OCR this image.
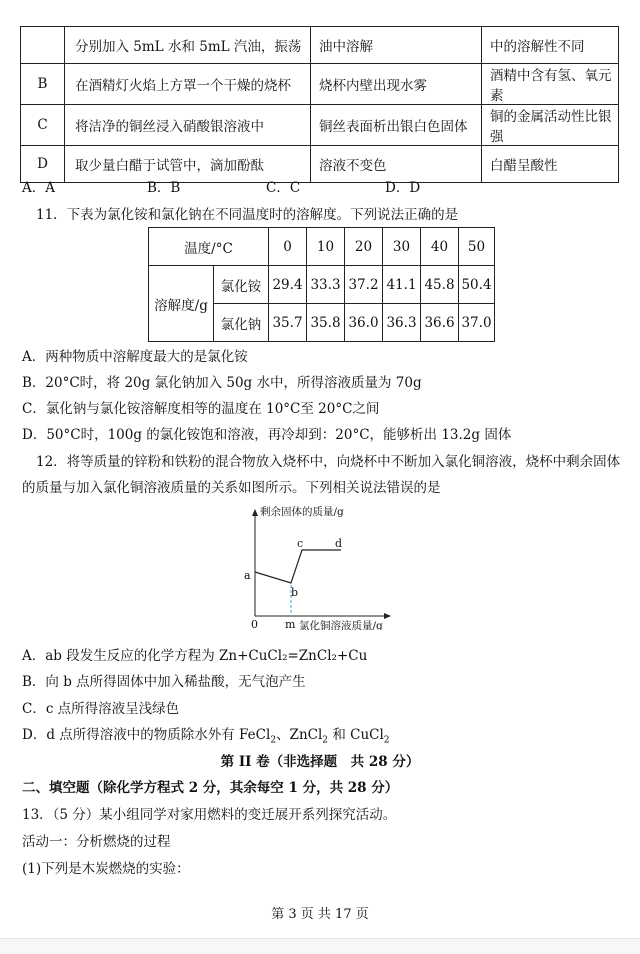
	分别加入 5mL 水和 5mL 汽油，振荡	油中溶解	中的溶解性不同
B	在酒精灯火焰上方罩一个干燥的烧杯	烧杯内壁出现水雾	酒精中含有氢、氧元素
C	将洁净的铜丝浸入硝酸银溶液中	铜丝表面析出银白色固体	铜的金属活动性比银强
D	取少量白醋于试管中，滴加酚酞	溶液不变色	白醋呈酸性
A．A	B．B	C．C	D．D
11．下表为氯化铵和氯化钠在不同温度时的溶解度。下列说法正确的是
温度/°C		0	10	20	30	40	50
溶解度/g	氯化铵	29.4	33.3	37.2	41.1	45.8	50.4
	氯化钠	35.7	35.8	36.0	36.3	36.6	37.0
A．两种物质中溶解度最大的是氯化铵
B．20°C时，将 20g 氯化钠加入 50g 水中，所得溶液质量为 70g
C．氯化钠与氯化铵溶解度相等的温度在 10°C至 20°C之间
D．50°C时，100g 的氯化铵饱和溶液，再冷却到：20°C，能够析出 13.2g 固体
12．将等质量的锌粉和铁粉的混合物放入烧杯中，向烧杯中不断加入氯化铜溶液，烧杯中剩余固体
的质量与加入氯化铜溶液质量的关系如图所示。下列相关说法错误的是
剩余固体的质量/g
a
b
c	d
0 m 氯化铜溶液质量/g
A．ab 段发生反应的化学方程为 Zn+CuCl₂=ZnCl₂+Cu
B．向 b 点所得固体中加入稀盐酸，无气泡产生
C．c 点所得溶液呈浅绿色
D．d 点所得溶液中的物质除水外有 FeCl$_2$、ZnCl$_2$ 和 CuCl$_2$
第 II 卷（非选择题　共 28 分）
二、填空题（除化学方程式 2 分，其余每空 1 分，共 28 分）
13．（5 分）某小组同学对家用燃料的变迁展开系列探究活动。
活动一：分析燃烧的过程
(1)下列是木炭燃烧的实验：
第 3 页 共 17 页
